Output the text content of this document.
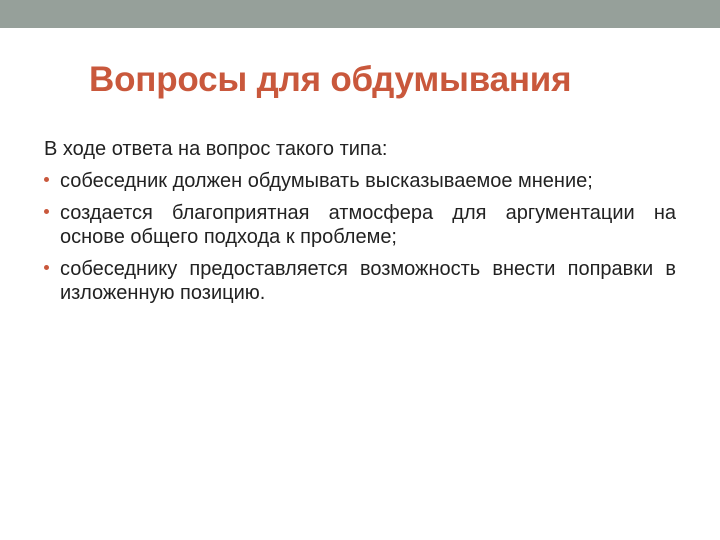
Вопросы для обдумывания

В ходе ответа на вопрос такого типа:

собеседник должен обдумывать высказываемое мнение;
создается благоприятная атмосфера для аргументации на основе общего подхода к проблеме;
собеседнику предоставляется возможность внести поправки в изложенную позицию.
